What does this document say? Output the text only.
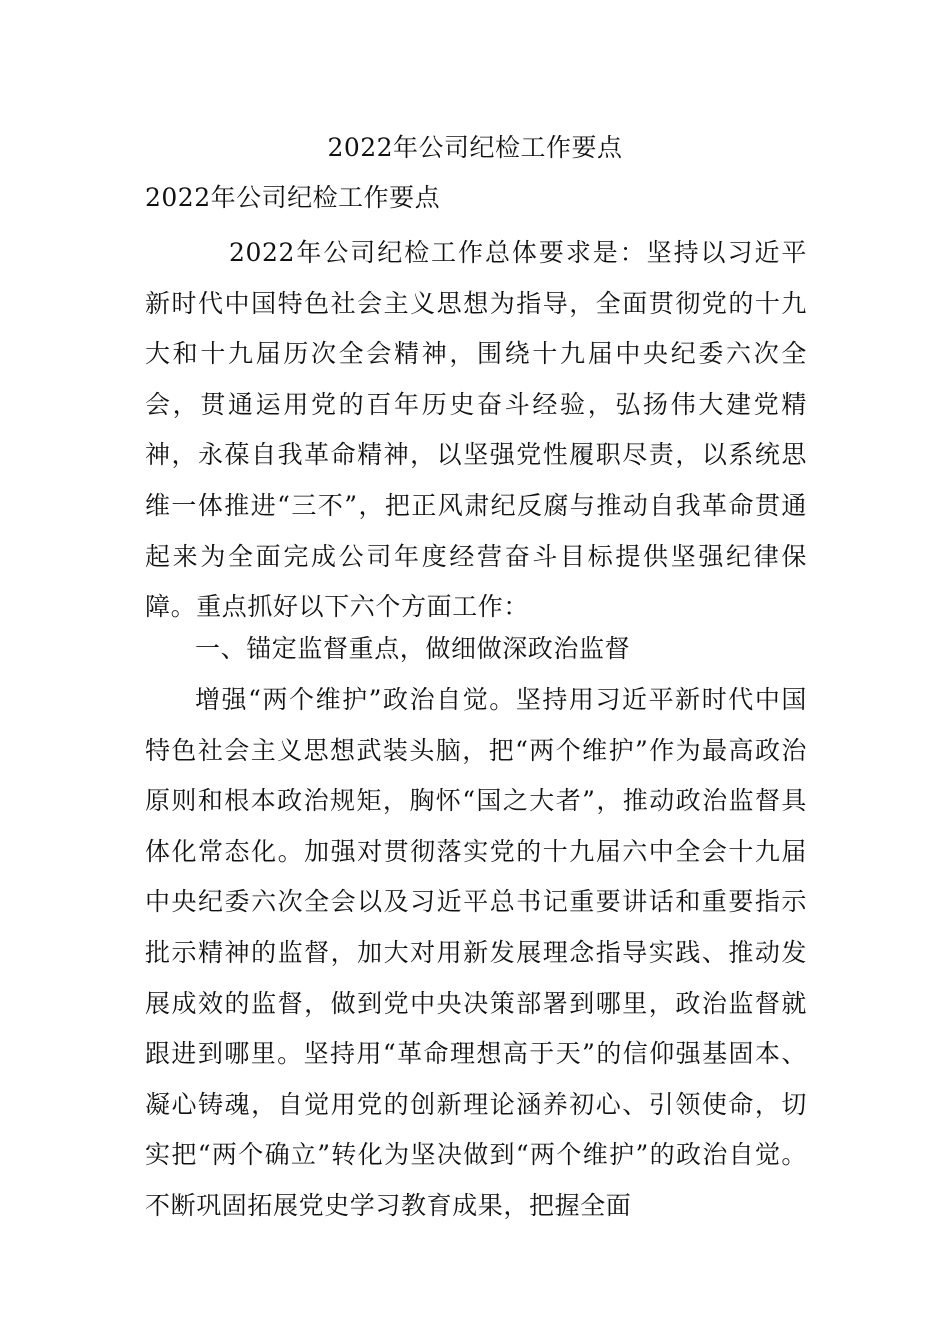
2022年公司纪检工作要点
2022年公司纪检工作要点

2022年公司纪检工作总体要求是：坚持以习近平新时代中国特色社会主义思想为指导，全面贯彻党的十九大和十九届历次全会精神，围绕十九届中央纪委六次全会，贯通运用党的百年历史奋斗经验，弘扬伟大建党精神，永葆自我革命精神，以坚强党性履职尽责，以系统思维一体推进“三不”，把正风肃纪反腐与推动自我革命贯通起来为全面完成公司年度经营奋斗目标提供坚强纪律保障。重点抓好以下六个方面工作：

一、锚定监督重点，做细做深政治监督

增强“两个维护”政治自觉。坚持用习近平新时代中国特色社会主义思想武装头脑，把“两个维护”作为最高政治原则和根本政治规矩，胸怀“国之大者”，推动政治监督具体化常态化。加强对贯彻落实党的十九届六中全会十九届中央纪委六次全会以及习近平总书记重要讲话和重要指示批示精神的监督，加大对用新发展理念指导实践、推动发展成效的监督，做到党中央决策部署到哪里，政治监督就跟进到哪里。坚持用“革命理想高于天”的信仰强基固本、凝心铸魂，自觉用党的创新理论涵养初心、引领使命，切实把“两个确立”转化为坚决做到“两个维护”的政治自觉。不断巩固拓展党史学习教育成果，把握全面
